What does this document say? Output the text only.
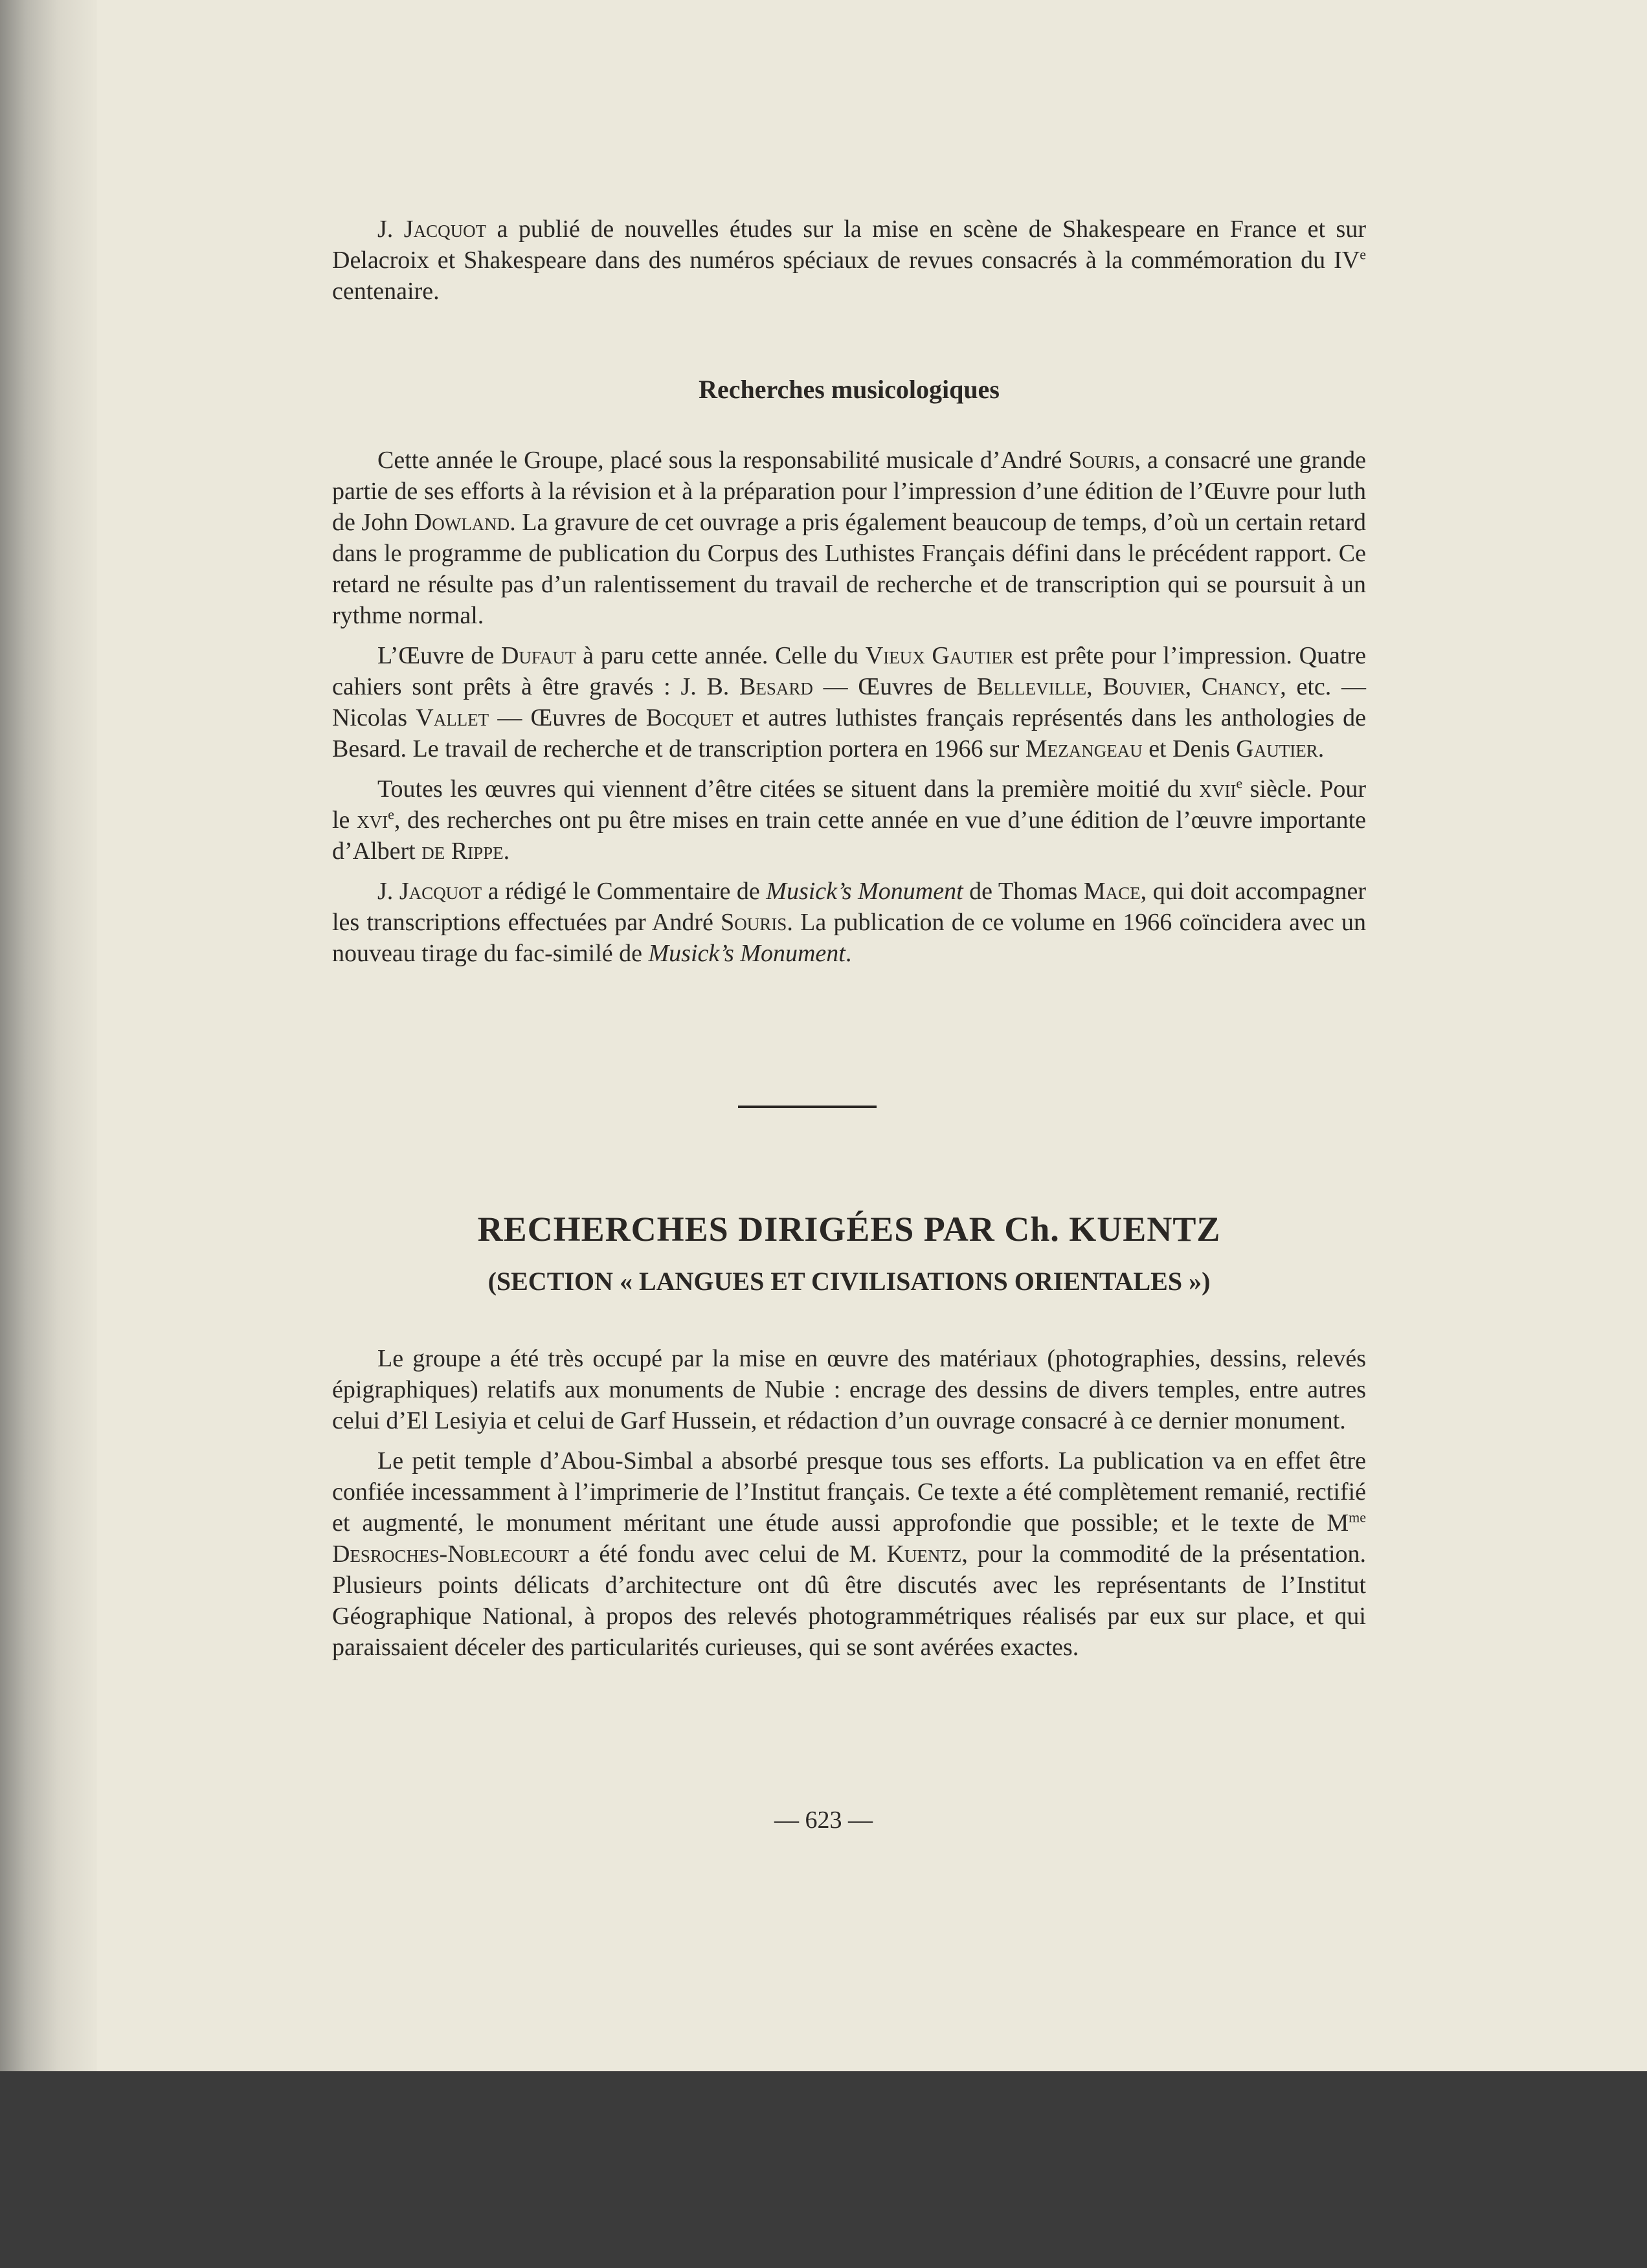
J. Jacquot a publié de nouvelles études sur la mise en scène de Shakespeare en France et sur Delacroix et Shakespeare dans des numéros spéciaux de revues consacrés à la commémoration du IVe centenaire.

Recherches musicologiques

Cette année le Groupe, placé sous la responsabilité musicale d’André Souris, a consacré une grande partie de ses efforts à la révision et à la préparation pour l’impression d’une édition de l’Œuvre pour luth de John Dowland. La gravure de cet ouvrage a pris également beaucoup de temps, d’où un certain retard dans le programme de publication du Corpus des Luthistes Français défini dans le précédent rapport. Ce retard ne résulte pas d’un ralentissement du travail de recherche et de transcription qui se poursuit à un rythme normal.

L’Œuvre de Dufaut à paru cette année. Celle du Vieux Gautier est prête pour l’impression. Quatre cahiers sont prêts à être gravés : J. B. Besard — Œuvres de Belleville, Bouvier, Chancy, etc. — Nicolas Vallet — Œuvres de Bocquet et autres luthistes français représentés dans les anthologies de Besard. Le travail de recherche et de transcription portera en 1966 sur Mezangeau et Denis Gautier.

Toutes les œuvres qui viennent d’être citées se situent dans la première moitié du xvii$^e$ siècle. Pour le xvi$^e$, des recherches ont pu être mises en train cette année en vue d’une édition de l’œuvre importante d’Albert de Rippe.

J. Jacquot a rédigé le Commentaire de Musick’s Monument de Thomas Mace, qui doit accompagner les transcriptions effectuées par André Souris. La publication de ce volume en 1966 coïncidera avec un nouveau tirage du fac-similé de Musick’s Monument.

RECHERCHES DIRIGÉES PAR Ch. KUENTZ
(SECTION « LANGUES ET CIVILISATIONS ORIENTALES »)

Le groupe a été très occupé par la mise en œuvre des matériaux (photographies, dessins, relevés épigraphiques) relatifs aux monuments de Nubie : encrage des dessins de divers temples, entre autres celui d’El Lesiyia et celui de Garf Hussein, et rédaction d’un ouvrage consacré à ce dernier monument.

Le petit temple d’Abou-Simbal a absorbé presque tous ses efforts. La publication va en effet être confiée incessamment à l’imprimerie de l’Institut français. Ce texte a été complètement remanié, rectifié et augmenté, le monument méritant une étude aussi approfondie que possible; et le texte de $M^{me}$ Desroches-Noblecourt a été fondu avec celui de M. Kuentz, pour la commodité de la présentation. Plusieurs points délicats d’architecture ont dû être discutés avec les représentants de l’Institut Géographique National, à propos des relevés photogrammétriques réalisés par eux sur place, et qui paraissaient déceler des particularités curieuses, qui se sont avérées exactes.

— 623 —
